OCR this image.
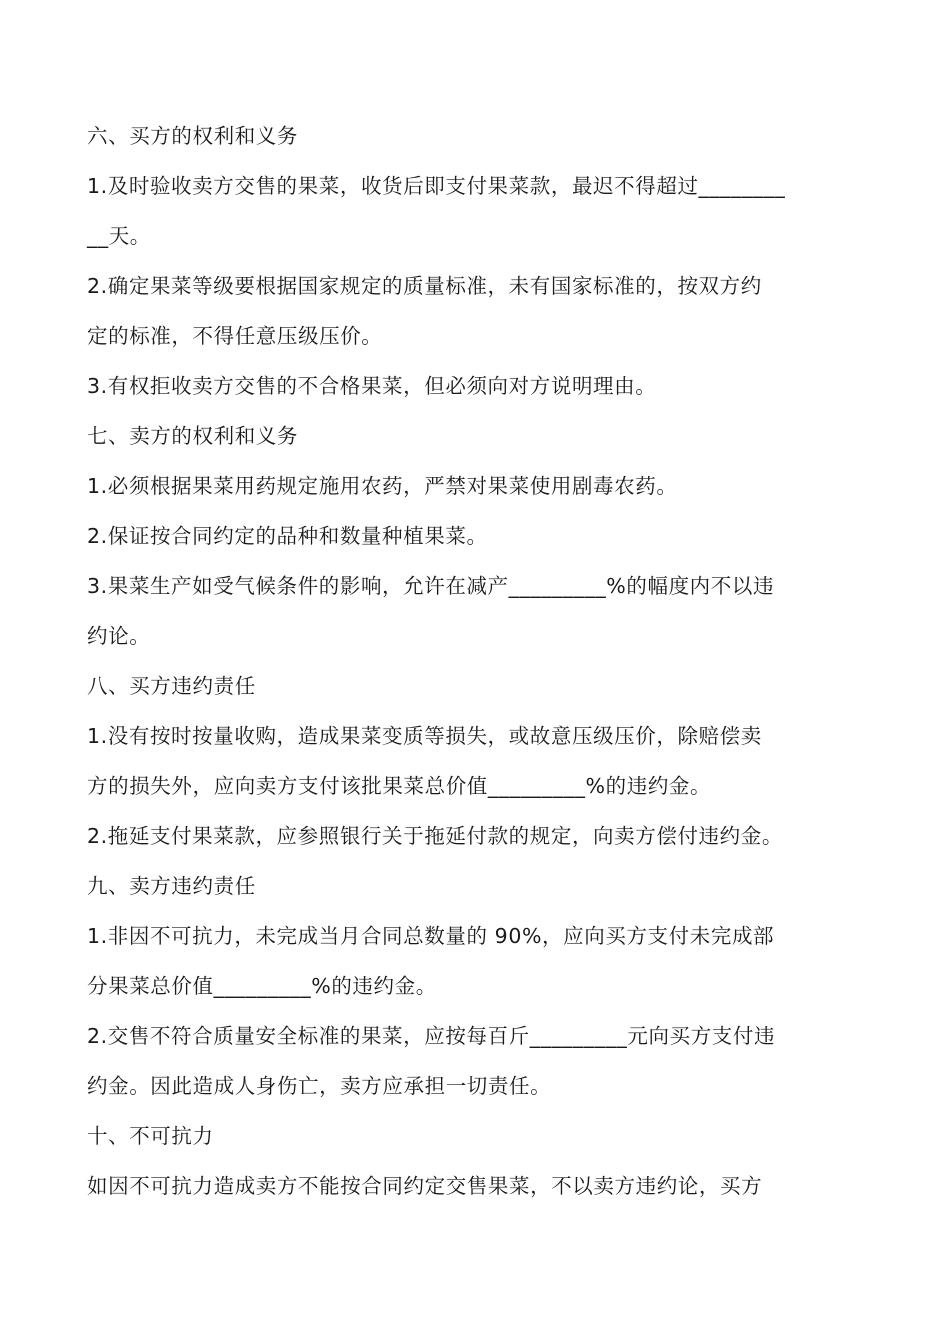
六、买方的权利和义务
1.及时验收卖方交售的果菜，收货后即支付果菜款，最迟不得超过________
__天。
2.确定果菜等级要根据国家规定的质量标准，未有国家标准的，按双方约
定的标准，不得任意压级压价。
3.有权拒收卖方交售的不合格果菜，但必须向对方说明理由。
七、卖方的权利和义务
1.必须根据果菜用药规定施用农药，严禁对果菜使用剧毒农药。
2.保证按合同约定的品种和数量种植果菜。
3.果菜生产如受气候条件的影响，允许在减产_________%的幅度内不以违
约论。
八、买方违约责任
1.没有按时按量收购，造成果菜变质等损失，或故意压级压价，除赔偿卖
方的损失外，应向卖方支付该批果菜总价值_________%的违约金。
2.拖延支付果菜款，应参照银行关于拖延付款的规定，向卖方偿付违约金。
九、卖方违约责任
1.非因不可抗力，未完成当月合同总数量的 90%，应向买方支付未完成部
分果菜总价值_________%的违约金。
2.交售不符合质量安全标准的果菜，应按每百斤_________元向买方支付违
约金。因此造成人身伤亡，卖方应承担一切责任。
十、不可抗力
如因不可抗力造成卖方不能按合同约定交售果菜，不以卖方违约论，买方
